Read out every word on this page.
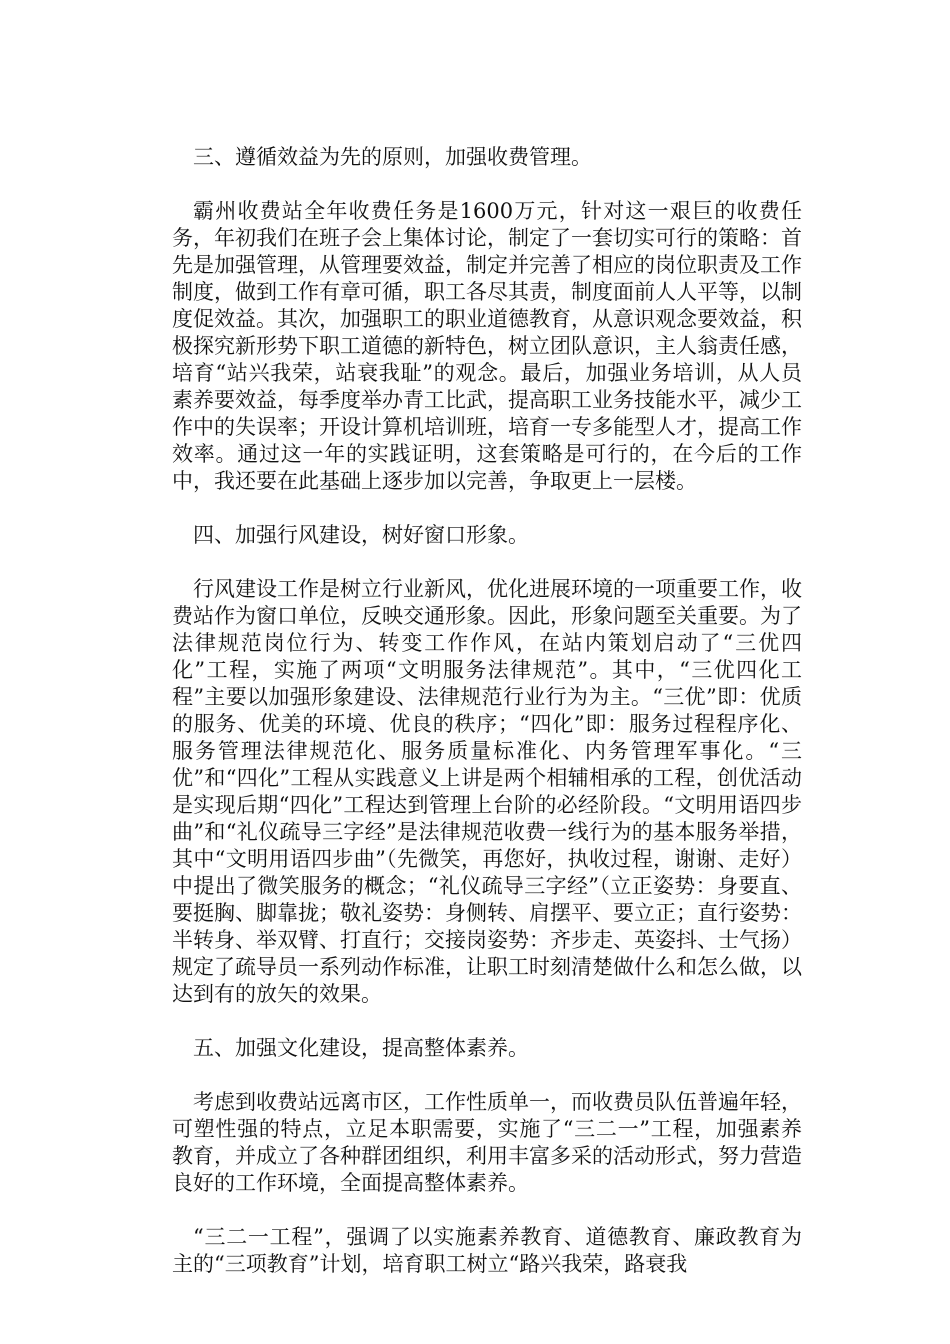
三、遵循效益为先的原则，加强收费管理。

霸州收费站全年收费任务是1600万元，针对这一艰巨的收费任务，年初我们在班子会上集体讨论，制定了一套切实可行的策略：首先是加强管理，从管理要效益，制定并完善了相应的岗位职责及工作制度，做到工作有章可循，职工各尽其责，制度面前人人平等，以制度促效益。其次，加强职工的职业道德教育，从意识观念要效益，积极探究新形势下职工道德的新特色，树立团队意识，主人翁责任感，培育“站兴我荣，站衰我耻”的观念。最后，加强业务培训，从人员素养要效益，每季度举办青工比武，提高职工业务技能水平，减少工作中的失误率；开设计算机培训班，培育一专多能型人才，提高工作效率。通过这一年的实践证明，这套策略是可行的，在今后的工作中，我还要在此基础上逐步加以完善，争取更上一层楼。

四、加强行风建设，树好窗口形象。

行风建设工作是树立行业新风，优化进展环境的一项重要工作，收费站作为窗口单位，反映交通形象。因此，形象问题至关重要。为了法律规范岗位行为、转变工作作风，在站内策划启动了“三优四化”工程，实施了两项“文明服务法律规范”。其中，“三优四化工程”主要以加强形象建设、法律规范行业行为为主。“三优”即：优质的服务、优美的环境、优良的秩序；“四化”即：服务过程程序化、服务管理法律规范化、服务质量标准化、内务管理军事化。“三优”和“四化”工程从实践意义上讲是两个相辅相承的工程，创优活动是实现后期“四化”工程达到管理上台阶的必经阶段。“文明用语四步曲”和“礼仪疏导三字经”是法律规范收费一线行为的基本服务举措，其中“文明用语四步曲”（先微笑，再您好，执收过程，谢谢、走好）中提出了微笑服务的概念；“礼仪疏导三字经”（立正姿势：身要直、要挺胸、脚靠拢；敬礼姿势：身侧转、肩摆平、要立正；直行姿势：半转身、举双臂、打直行；交接岗姿势：齐步走、英姿抖、士气扬）规定了疏导员一系列动作标准，让职工时刻清楚做什么和怎么做，以达到有的放矢的效果。

五、加强文化建设，提高整体素养。

考虑到收费站远离市区，工作性质单一，而收费员队伍普遍年轻，可塑性强的特点，立足本职需要，实施了“三二一”工程，加强素养教育，并成立了各种群团组织，利用丰富多采的活动形式，努力营造良好的工作环境，全面提高整体素养。

“三二一工程”，强调了以实施素养教育、道德教育、廉政教育为主的“三项教育”计划，培育职工树立“路兴我荣，路衰我
